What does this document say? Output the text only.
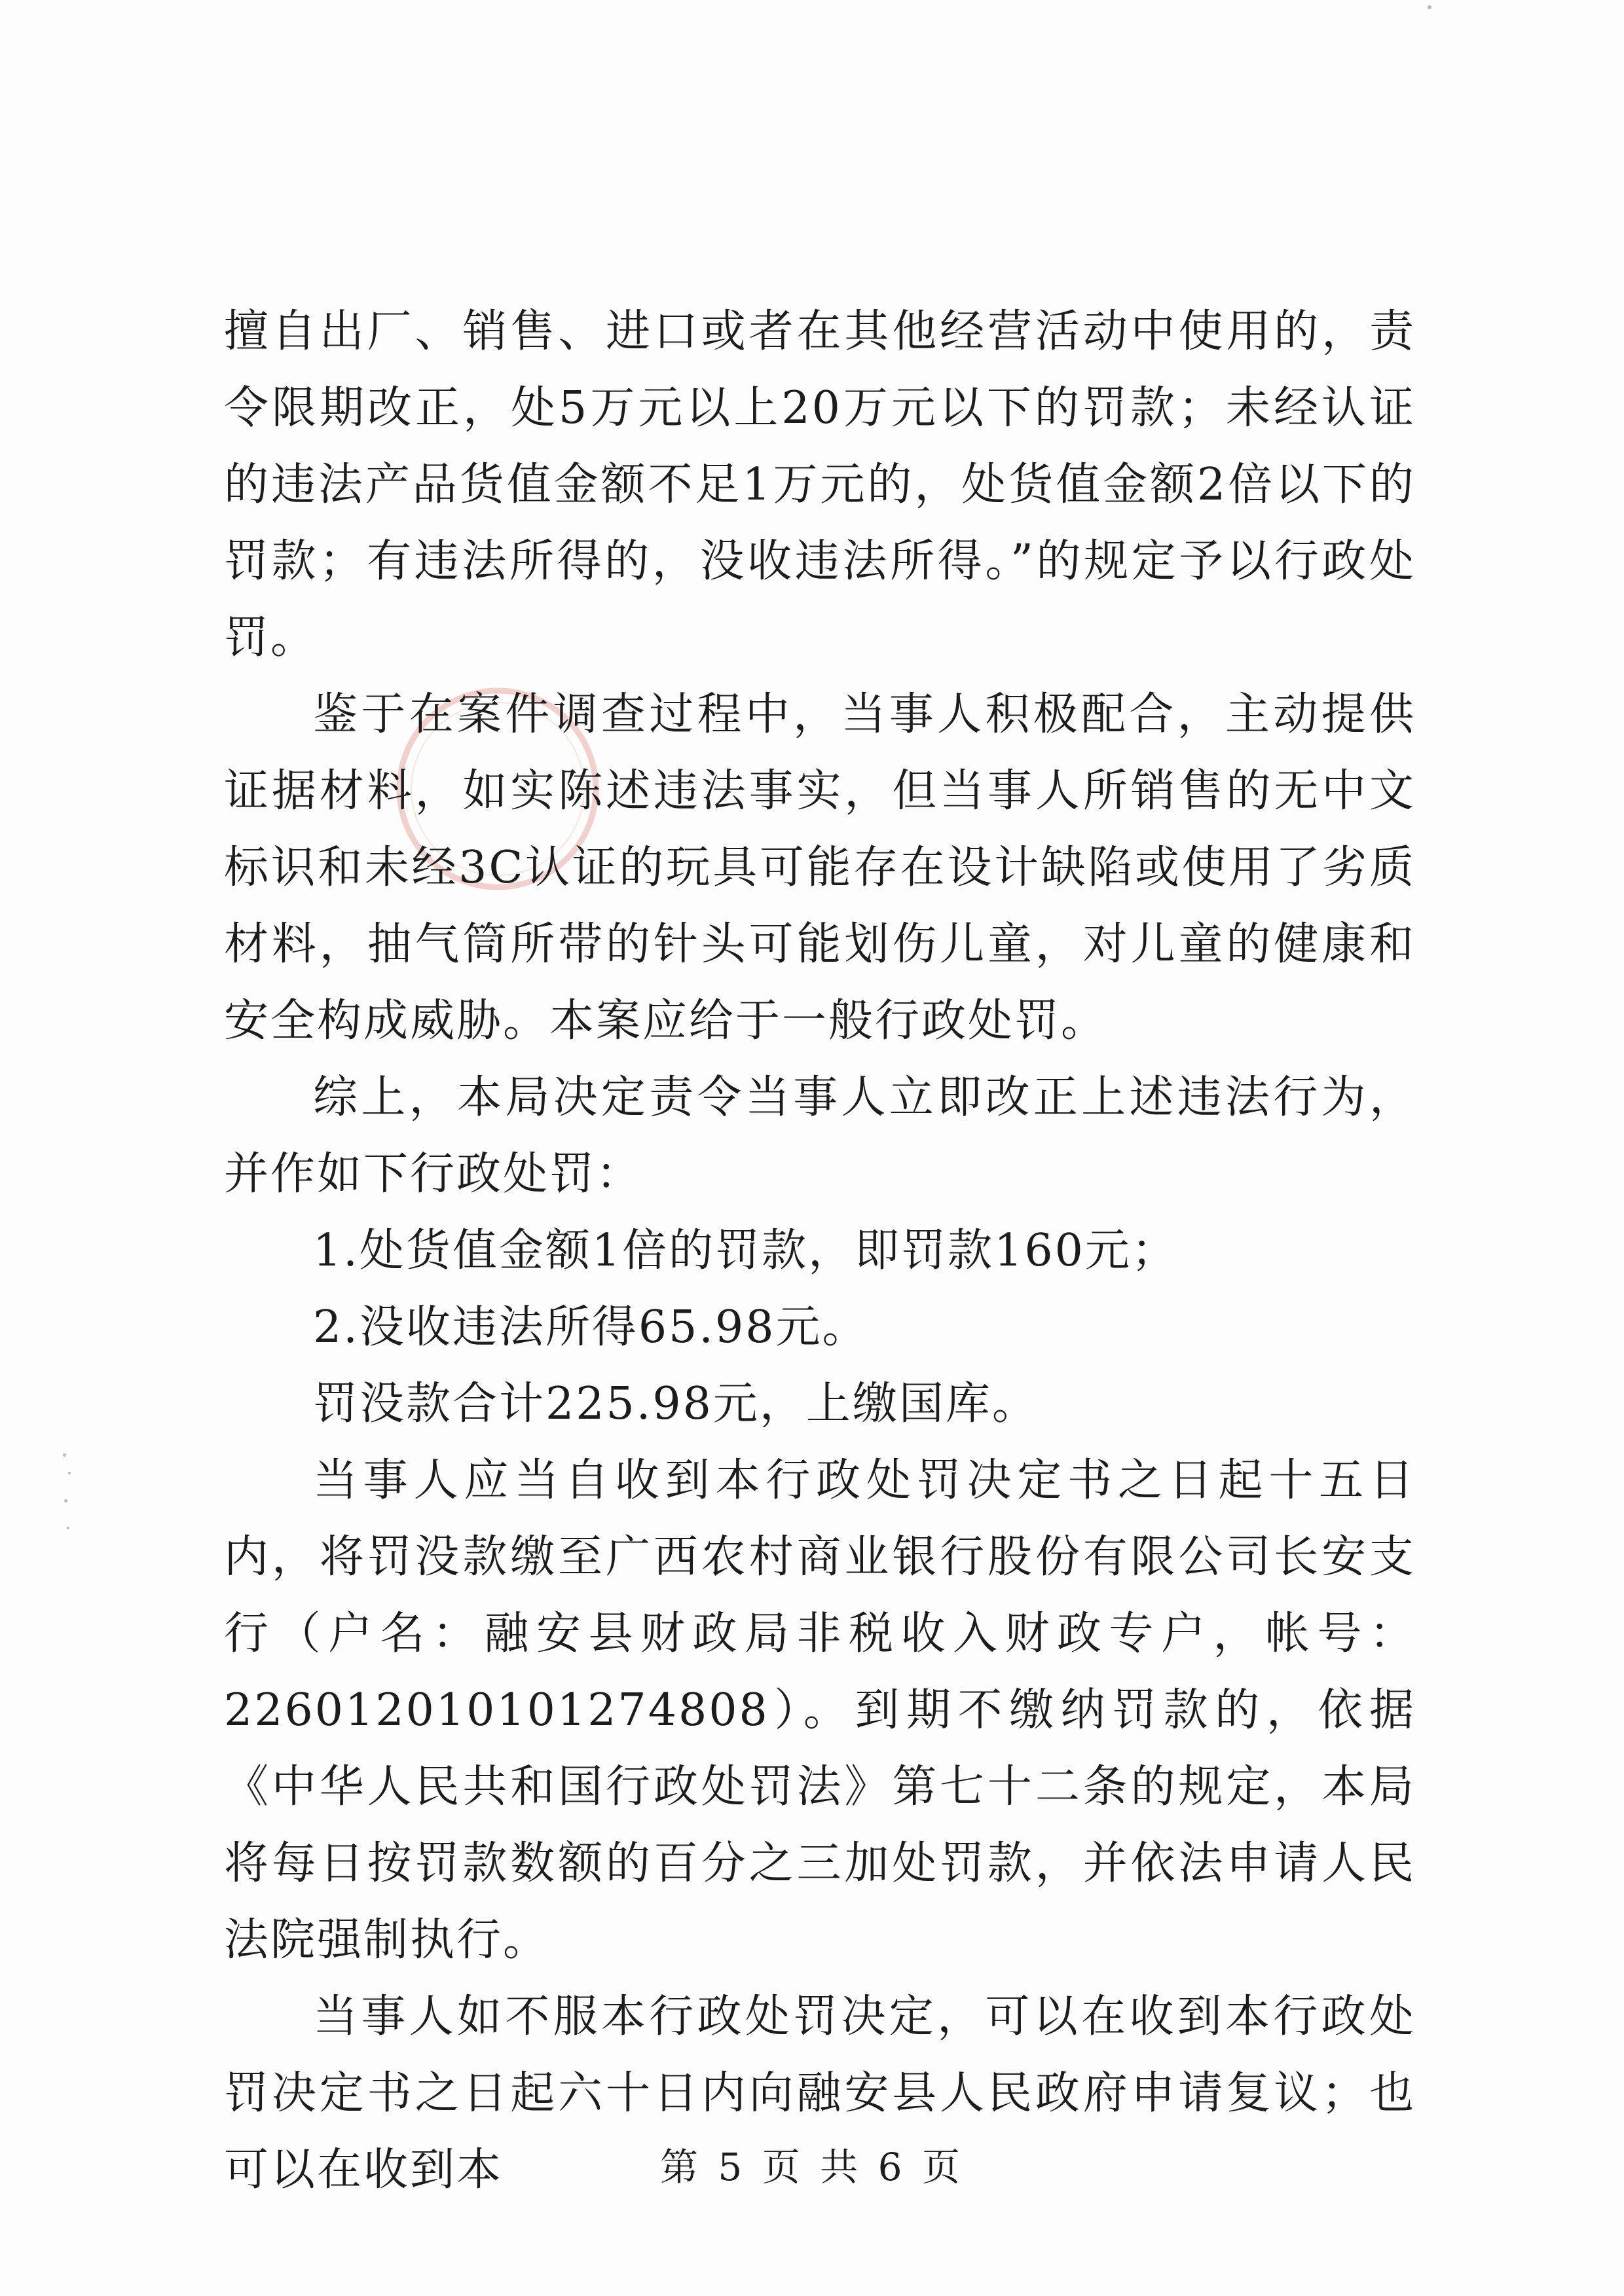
擅自出厂、销售、进口或者在其他经营活动中使用的，责令限期改正，处5万元以上20万元以下的罚款；未经认证的违法产品货值金额不足1万元的，处货值金额2倍以下的罚款；有违法所得的，没收违法所得。”的规定予以行政处罚。

鉴于在案件调查过程中，当事人积极配合，主动提供证据材料，如实陈述违法事实，但当事人所销售的无中文标识和未经3C认证的玩具可能存在设计缺陷或使用了劣质材料，抽气筒所带的针头可能划伤儿童，对儿童的健康和安全构成威胁。本案应给于一般行政处罚。

综上，本局决定责令当事人立即改正上述违法行为，并作如下行政处罚：

1.处货值金额1倍的罚款，即罚款160元；

2.没收违法所得65.98元。

罚没款合计225.98元，上缴国库。

当事人应当自收到本行政处罚决定书之日起十五日内，将罚没款缴至广西农村商业银行股份有限公司长安支行（户名：融安县财政局非税收入财政专户，帐号：226012010101274808）。到期不缴纳罚款的，依据《中华人民共和国行政处罚法》第七十二条的规定，本局将每日按罚款数额的百分之三加处罚款，并依法申请人民法院强制执行。

当事人如不服本行政处罚决定，可以在收到本行政处罚决定书之日起六十日内向融安县人民政府申请复议；也可以在收到本	第 5 页 共 6 页
